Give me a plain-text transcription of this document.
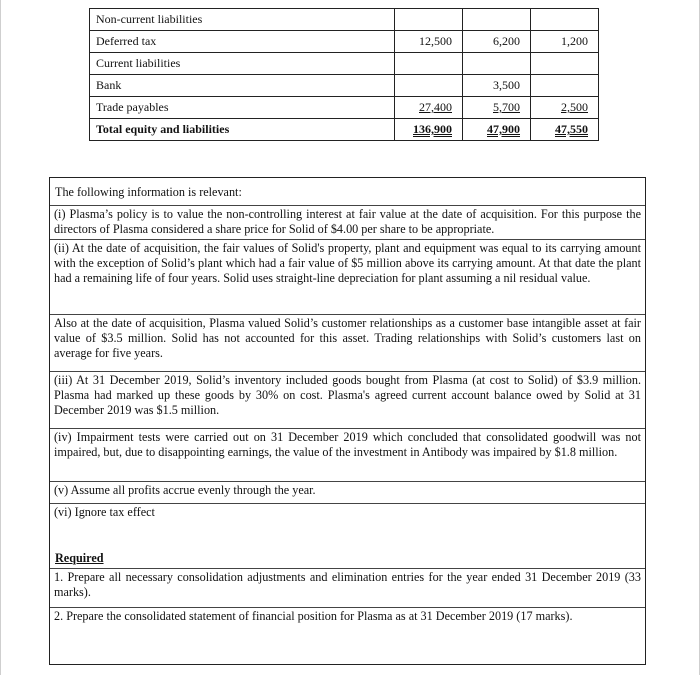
Non-current liabilities			
Deferred tax	12,500	6,200	1,200
Current liabilities			
Bank		3,500	
Trade payables	27,400	5,700	2,500
Total equity and liabilities	136,900	47,900	47,550
The following information is relevant:
(i) Plasma’s policy is to value the non-controlling interest at fair value at the date of acquisition. For this purpose the directors of Plasma considered a share price for Solid of $4.00 per share to be appropriate.
(ii) At the date of acquisition, the fair values of Solid's property, plant and equipment was equal to its carrying amount with the exception of Solid’s plant which had a fair value of $5 million above its carrying amount. At that date the plant had a remaining life of four years. Solid uses straight-line depreciation for plant assuming a nil residual value.
Also at the date of acquisition, Plasma valued Solid’s customer relationships as a customer base intangible asset at fair value of $3.5 million. Solid has not accounted for this asset. Trading relationships with Solid’s customers last on average for five years.
(iii) At 31 December 2019, Solid’s inventory included goods bought from Plasma (at cost to Solid) of $3.9 million. Plasma had marked up these goods by 30% on cost. Plasma's agreed current account balance owed by Solid at 31 December 2019 was $1.5 million.
(iv) Impairment tests were carried out on 31 December 2019 which concluded that consolidated goodwill was not impaired, but, due to disappointing earnings, the value of the investment in Antibody was impaired by $1.8 million.
(v) Assume all profits accrue evenly through the year.
(vi) Ignore tax effect
Required
1. Prepare all necessary consolidation adjustments and elimination entries for the year ended 31 December 2019 (33 marks).
2. Prepare the consolidated statement of financial position for Plasma as at 31 December 2019 (17 marks).
